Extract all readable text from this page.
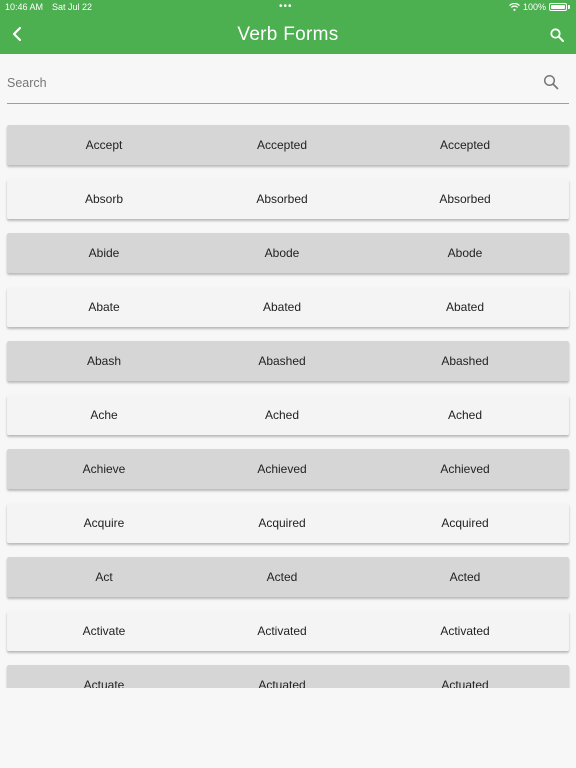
10:46 AM Sat Jul 22	•••	100%
Verb Forms
Search
Accept	Accepted	Accepted
Absorb	Absorbed	Absorbed
Abide	Abode	Abode
Abate	Abated	Abated
Abash	Abashed	Abashed
Ache	Ached	Ached
Achieve	Achieved	Achieved
Acquire	Acquired	Acquired
Act	Acted	Acted
Activate	Activated	Activated
Actuate	Actuated	Actuated
